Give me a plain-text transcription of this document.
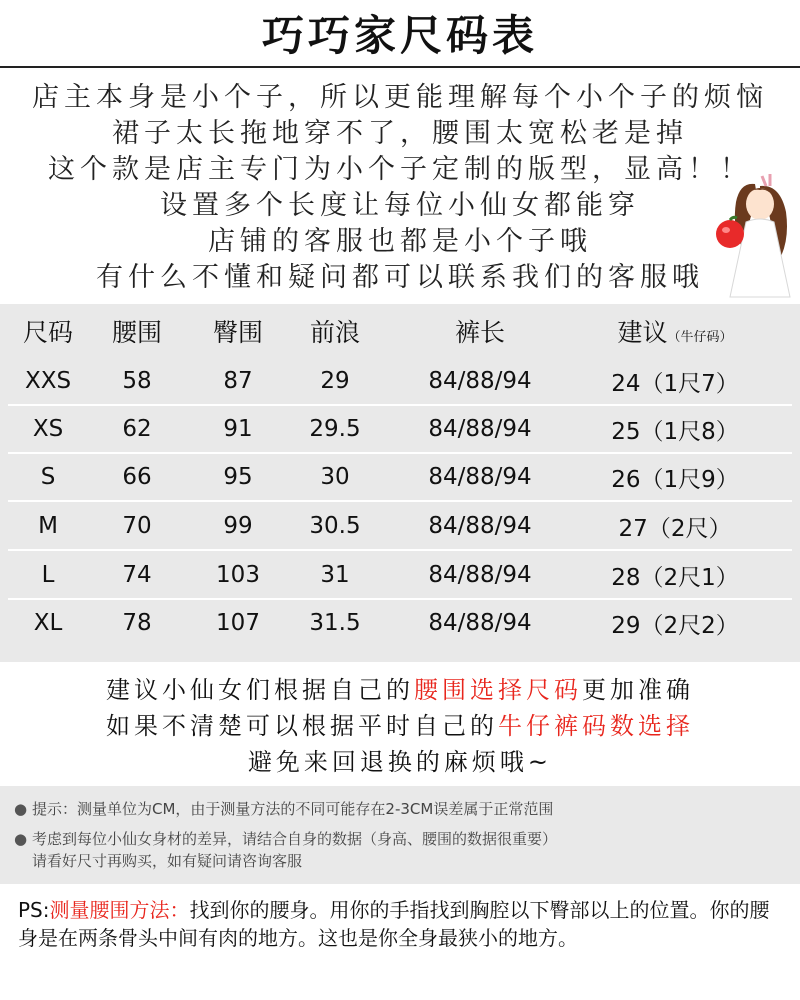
巧巧家尺码表
店主本身是小个子，所以更能理解每个小个子的烦恼
裙子太长拖地穿不了，腰围太宽松老是掉
这个款是店主专门为小个子定制的版型，显高！！
设置多个长度让每位小仙女都能穿
店铺的客服也都是小个子哦
有什么不懂和疑问都可以联系我们的客服哦
尺码	腰围	臀围	前浪	裤长	建议（牛仔码）
XXS	58	87	29	84/88/94	24（1尺7）
XS	62	91	29.5	84/88/94	25（1尺8）
S	66	95	30	84/88/94	26（1尺9）
M	70	99	30.5	84/88/94	27（2尺）
L	74	103	31	84/88/94	28（2尺1）
XL	78	107	31.5	84/88/94	29（2尺2）
建议小仙女们根据自己的腰围选择尺码更加准确
如果不清楚可以根据平时自己的牛仔裤码数选择
避免来回退换的麻烦哦~
● 提示：测量单位为CM，由于测量方法的不同可能存在2-3CM误差属于正常范围
● 考虑到每位小仙女身材的差异，请结合自身的数据（身高、腰围的数据很重要）
请看好尺寸再购买，如有疑问请咨询客服
PS:测量腰围方法：找到你的腰身。用你的手指找到胸腔以下臀部以上的位置。你的腰身是在两条骨头中间有肉的地方。这也是你全身最狭小的地方。
